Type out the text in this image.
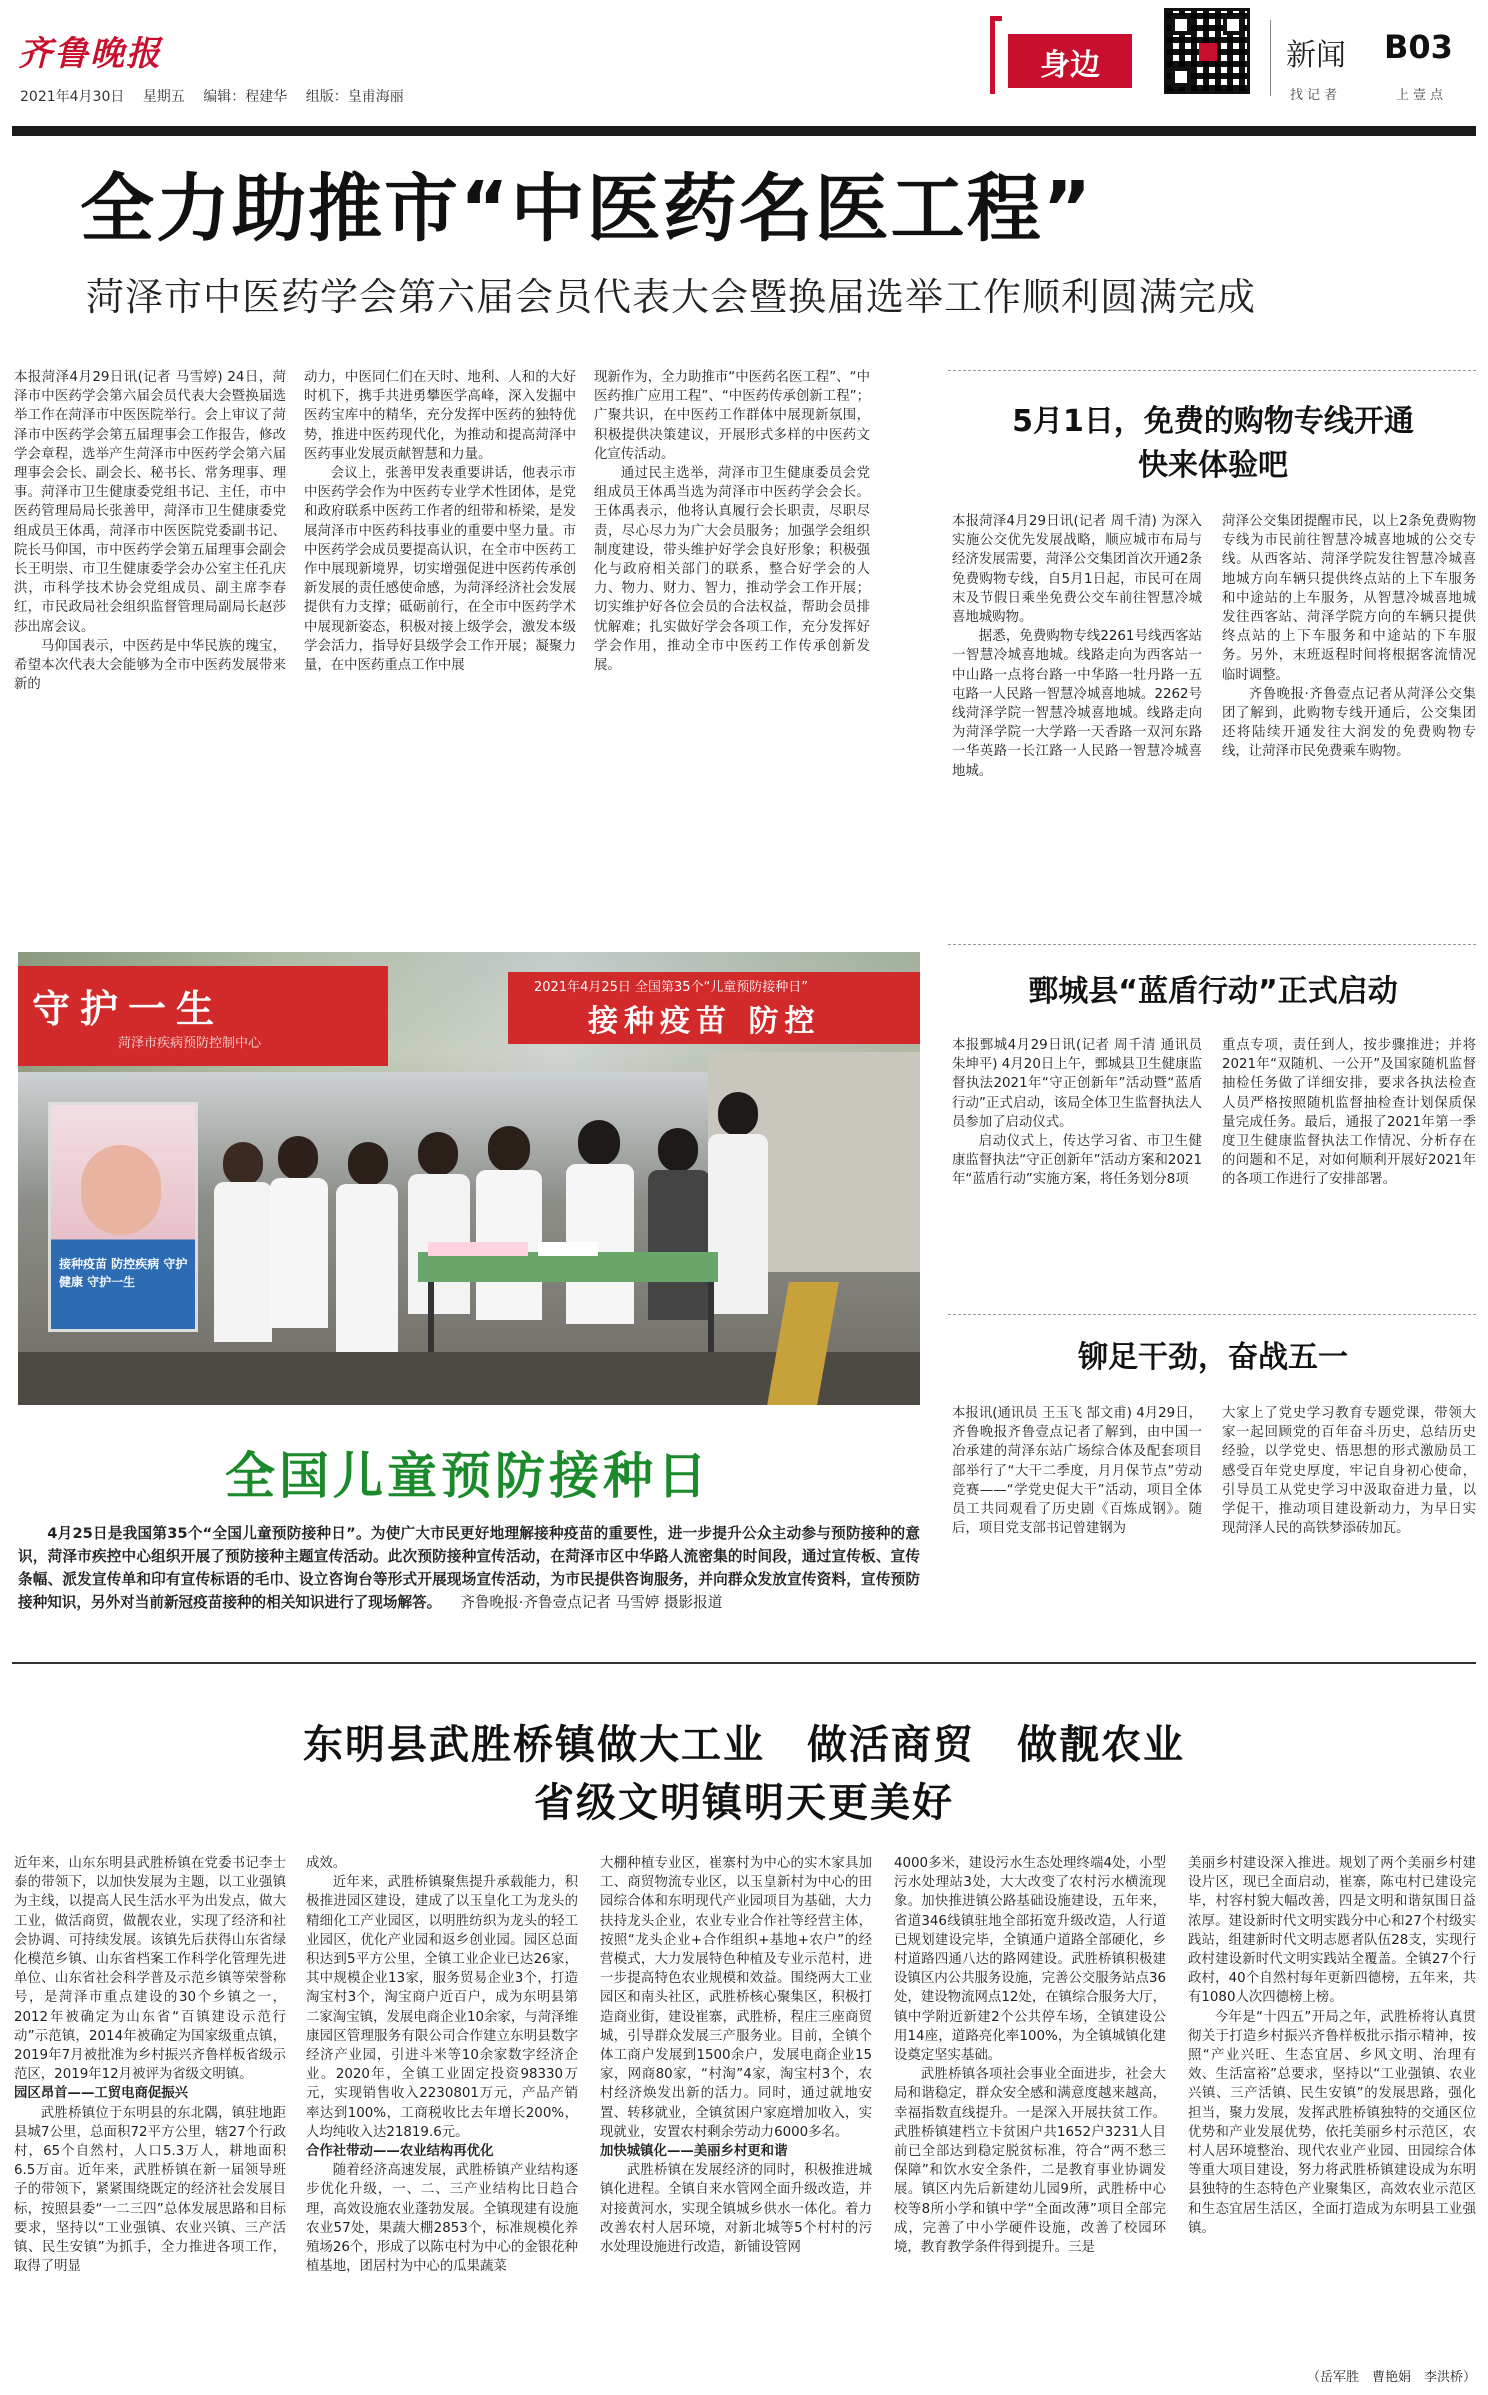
齐鲁晚报
2021年4月30日 星期五 编辑：程建华 组版：皇甫海丽
身边	新闻 B03
找记者	上壹点
全力助推市“中医药名医工程”
菏泽市中医药学会第六届会员代表大会暨换届选举工作顺利圆满完成

本报菏泽4月29日讯(记者 马雪婷) 24日，菏泽市中医药学会第六届会员代表大会暨换届选举工作在菏泽市中医医院举行。会上审议了菏泽市中医药学会第五届理事会工作报告，修改学会章程，选举产生菏泽市中医药学会第六届理事会会长、副会长、秘书长、常务理事、理事。菏泽市卫生健康委党组书记、主任，市中医药管理局局长张善甲，菏泽市卫生健康委党组成员王体禹，菏泽市中医医院党委副书记、院长马仰国，市中医药学会第五届理事会副会长王明崇、市卫生健康委学会办公室主任孔庆洪，市科学技术协会党组成员、副主席李春红，市民政局社会组织监督管理局副局长赵莎莎出席会议。

马仰国表示，中医药是中华民族的瑰宝，希望本次代表大会能够为全市中医药发展带来新的

动力，中医同仁们在天时、地利、人和的大好时机下，携手共进勇攀医学高峰，深入发掘中医药宝库中的精华，充分发挥中医药的独特优势，推进中医药现代化，为推动和提高菏泽中医药事业发展贡献智慧和力量。

会议上，张善甲发表重要讲话，他表示市中医药学会作为中医药专业学术性团体，是党和政府联系中医药工作者的纽带和桥梁，是发展菏泽市中医药科技事业的重要中坚力量。市中医药学会成员要提高认识，在全市中医药工作中展现新境界，切实增强促进中医药传承创新发展的责任感使命感，为菏泽经济社会发展提供有力支撑；砥砺前行，在全市中医药学术中展现新姿态，积极对接上级学会，激发本级学会活力，指导好县级学会工作开展；凝聚力量，在中医药重点工作中展

现新作为，全力助推市“中医药名医工程”、“中医药推广应用工程”、“中医药传承创新工程”；广聚共识，在中医药工作群体中展现新氛围，积极提供决策建议，开展形式多样的中医药文化宣传活动。

通过民主选举，菏泽市卫生健康委员会党组成员王体禹当选为菏泽市中医药学会会长。王体禹表示，他将认真履行会长职责，尽职尽责，尽心尽力为广大会员服务；加强学会组织制度建设，带头维护好学会良好形象；积极强化与政府相关部门的联系，整合好学会的人力、物力、财力、智力，推动学会工作开展；切实维护好各位会员的合法权益，帮助会员排忧解难；扎实做好学会各项工作，充分发挥好学会作用，推动全市中医药工作传承创新发展。

5月1日，免费的购物专线开通
快来体验吧

本报菏泽4月29日讯(记者 周千清) 为深入实施公交优先发展战略，顺应城市布局与经济发展需要，菏泽公交集团首次开通2条免费购物专线，自5月1日起，市民可在周末及节假日乘坐免费公交车前往智慧冷城喜地城购物。

据悉，免费购物专线2261号线西客站一智慧冷城喜地城。线路走向为西客站一中山路一点将台路一中华路一牡丹路一五屯路一人民路一智慧冷城喜地城。2262号线菏泽学院一智慧冷城喜地城。线路走向为菏泽学院一大学路一天香路一双河东路一华英路一长江路一人民路一智慧冷城喜地城。

菏泽公交集团提醒市民，以上2条免费购物专线为市民前往智慧冷城喜地城的公交专线。从西客站、菏泽学院发往智慧冷城喜地城方向车辆只提供终点站的上下车服务和中途站的上车服务，从智慧冷城喜地城发往西客站、菏泽学院方向的车辆只提供终点站的上下车服务和中途站的下车服务。另外，末班返程时间将根据客流情况临时调整。

齐鲁晚报·齐鲁壹点记者从菏泽公交集团了解到，此购物专线开通后，公交集团还将陆续开通发往大润发的免费购物专线，让菏泽市民免费乘车购物。

鄄城县“蓝盾行动”正式启动

本报鄄城4月29日讯(记者 周千清 通讯员 朱坤平) 4月20日上午，鄄城县卫生健康监督执法2021年“守正创新年”活动暨“蓝盾行动”正式启动，该局全体卫生监督执法人员参加了启动仪式。

启动仪式上，传达学习省、市卫生健康监督执法“守正创新年”活动方案和2021年“蓝盾行动”实施方案，将任务划分8项

重点专项，责任到人，按步骤推进；并将2021年“双随机、一公开”及国家随机监督抽检任务做了详细安排，要求各执法检查人员严格按照随机监督抽检查计划保质保量完成任务。最后，通报了2021年第一季度卫生健康监督执法工作情况、分析存在的问题和不足，对如何顺利开展好2021年的各项工作进行了安排部署。

铆足干劲，奋战五一

本报讯(通讯员 王玉飞 郜文甫) 4月29日，齐鲁晚报齐鲁壹点记者了解到，由中国一冶承建的菏泽东站广场综合体及配套项目部举行了“大干二季度，月月保节点”劳动竞赛——“学党史促大干”活动，项目全体员工共同观看了历史剧《百炼成钢》。随后，项目党支部书记曾建钢为

大家上了党史学习教育专题党课，带领大家一起回顾党的百年奋斗历史，总结历史经验，以学党史、悟思想的形式激励员工感受百年党史厚度，牢记自身初心使命，引导员工从党史学习中汲取奋进力量，以学促干，推动项目建设新动力，为早日实现菏泽人民的高铁梦添砖加瓦。

守护一生
菏泽市疾病预防控制中心
2021年4月25日 全国第35个“儿童预防接种日”
接种疫苗 防控
接种疫苗 防控疾病 守护健康 守护一生
全国儿童预防接种日
4月25日是我国第35个“全国儿童预防接种日”。为使广大市民更好地理解接种疫苗的重要性，进一步提升公众主动参与预防接种的意识，菏泽市疾控中心组织开展了预防接种主题宣传活动。此次预防接种宣传活动，在菏泽市区中华路人流密集的时间段，通过宣传板、宣传条幅、派发宣传单和印有宣传标语的毛巾、设立咨询台等形式开展现场宣传活动，为市民提供咨询服务，并向群众发放宣传资料，宣传预防接种知识，另外对当前新冠疫苗接种的相关知识进行了现场解答。 齐鲁晚报·齐鲁壹点记者 马雪婷 摄影报道
东明县武胜桥镇做大工业　做活商贸　做靓农业
省级文明镇明天更美好

近年来，山东东明县武胜桥镇在党委书记李士泰的带领下，以加快发展为主题，以工业强镇为主线，以提高人民生活水平为出发点，做大工业，做活商贸，做靓农业，实现了经济和社会协调、可持续发展。该镇先后获得山东省绿化模范乡镇、山东省档案工作科学化管理先进单位、山东省社会科学普及示范乡镇等荣誉称号，是菏泽市重点建设的30个乡镇之一，2012年被确定为山东省“百镇建设示范行动”示范镇，2014年被确定为国家级重点镇，2019年7月被批准为乡村振兴齐鲁样板省级示范区，2019年12月被评为省级文明镇。

园区昂首——工贸电商促振兴

武胜桥镇位于东明县的东北隅，镇驻地距县城7公里，总面积72平方公里，辖27个行政村，65个自然村，人口5.3万人，耕地面积6.5万亩。近年来，武胜桥镇在新一届领导班子的带领下，紧紧围绕既定的经济社会发展目标，按照县委“一二三四”总体发展思路和目标要求，坚持以“工业强镇、农业兴镇、三产活镇、民生安镇”为抓手，全力推进各项工作，取得了明显

成效。

近年来，武胜桥镇聚焦提升承载能力，积极推进园区建设，建成了以玉皇化工为龙头的精细化工产业园区，以明胜纺织为龙头的轻工业园区，优化产业园和返乡创业园。园区总面积达到5平方公里，全镇工业企业已达26家，其中规模企业13家，服务贸易企业3个，打造淘宝村3个，淘宝商户近百户，成为东明县第二家淘宝镇，发展电商企业10余家，与菏泽维康园区管理服务有限公司合作建立东明县数字经济产业园，引进斗米等10余家数字经济企业。2020年，全镇工业固定投资98330万元，实现销售收入2230801万元，产品产销率达到100%，工商税收比去年增长200%，人均纯收入达21819.6元。

合作社带动——农业结构再优化

随着经济高速发展，武胜桥镇产业结构逐步优化升级，一、二、三产业结构比日趋合理，高效设施农业蓬勃发展。全镇现建有设施农业57处，果蔬大棚2853个，标准规模化养殖场26个，形成了以陈屯村为中心的金银花种植基地，团居村为中心的瓜果蔬菜

大棚种植专业区，崔寨村为中心的实木家具加工、商贸物流专业区，以玉皇新村为中心的田园综合体和东明现代产业园项目为基础，大力扶持龙头企业，农业专业合作社等经营主体，按照“龙头企业+合作组织+基地+农户”的经营模式，大力发展特色种植及专业示范村，进一步提高特色农业规模和效益。围绕两大工业园区和南头社区，武胜桥核心聚集区，积极打造商业街，建设崔寨，武胜桥，程庄三座商贸城，引导群众发展三产服务业。目前，全镇个体工商户发展到1500余户，发展电商企业15家，网商80家，“村淘”4家，淘宝村3个，农村经济焕发出新的活力。同时，通过就地安置、转移就业，全镇贫困户家庭增加收入，实现就业，安置农村剩余劳动力6000多名。

加快城镇化——美丽乡村更和谐

武胜桥镇在发展经济的同时，积极推进城镇化进程。全镇自来水管网全面升级改造，并对接黄河水，实现全镇城乡供水一体化。着力改善农村人居环境，对新北城等5个村村的污水处理设施进行改造，新铺设管网

4000多米，建设污水生态处理终端4处，小型污水处理站3处，大大改变了农村污水横流现象。加快推进镇公路基础设施建设，五年来，省道346线镇驻地全部拓宽升级改造，人行道已规划建设完毕，全镇通户道路全部硬化，乡村道路四通八达的路网建设。武胜桥镇积极建设镇区内公共服务设施，完善公交服务站点36处，建设物流网点12处，在镇综合服务大厅，镇中学附近新建2个公共停车场，全镇建设公用14座，道路亮化率100%，为全镇城镇化建设奠定坚实基础。

武胜桥镇各项社会事业全面进步，社会大局和谐稳定，群众安全感和满意度越来越高，幸福指数直线提升。一是深入开展扶贫工作。武胜桥镇建档立卡贫困户共1652户3231人目前已全部达到稳定脱贫标准，符合“两不愁三保障”和饮水安全条件，二是教育事业协调发展。镇区内先后新建幼儿园9所，武胜桥中心校等8所小学和镇中学“全面改薄”项目全部完成，完善了中小学硬件设施，改善了校园环境，教育教学条件得到提升。三是

美丽乡村建设深入推进。规划了两个美丽乡村建设片区，现已全面启动，崔寨，陈屯村已建设完毕，村容村貌大幅改善，四是文明和谐氛围日益浓厚。建设新时代文明实践分中心和27个村级实践站，组建新时代文明志愿者队伍28支，实现行政村建设新时代文明实践站全覆盖。全镇27个行政村，40个自然村每年更新四德榜，五年来，共有1080人次四德榜上榜。

今年是“十四五”开局之年，武胜桥将认真贯彻关于打造乡村振兴齐鲁样板批示指示精神，按照“产业兴旺、生态宜居、乡风文明、治理有效、生活富裕”总要求，坚持以“工业强镇、农业兴镇、三产活镇、民生安镇”的发展思路，强化担当，聚力发展，发挥武胜桥镇独特的交通区位优势和产业发展优势，依托美丽乡村示范区，农村人居环境整治、现代农业产业园、田园综合体等重大项目建设，努力将武胜桥镇建设成为东明县独特的生态特色产业聚集区，高效农业示范区和生态宜居生活区，全面打造成为东明县工业强镇。

（岳军胜　曹艳娟　李洪桥）
